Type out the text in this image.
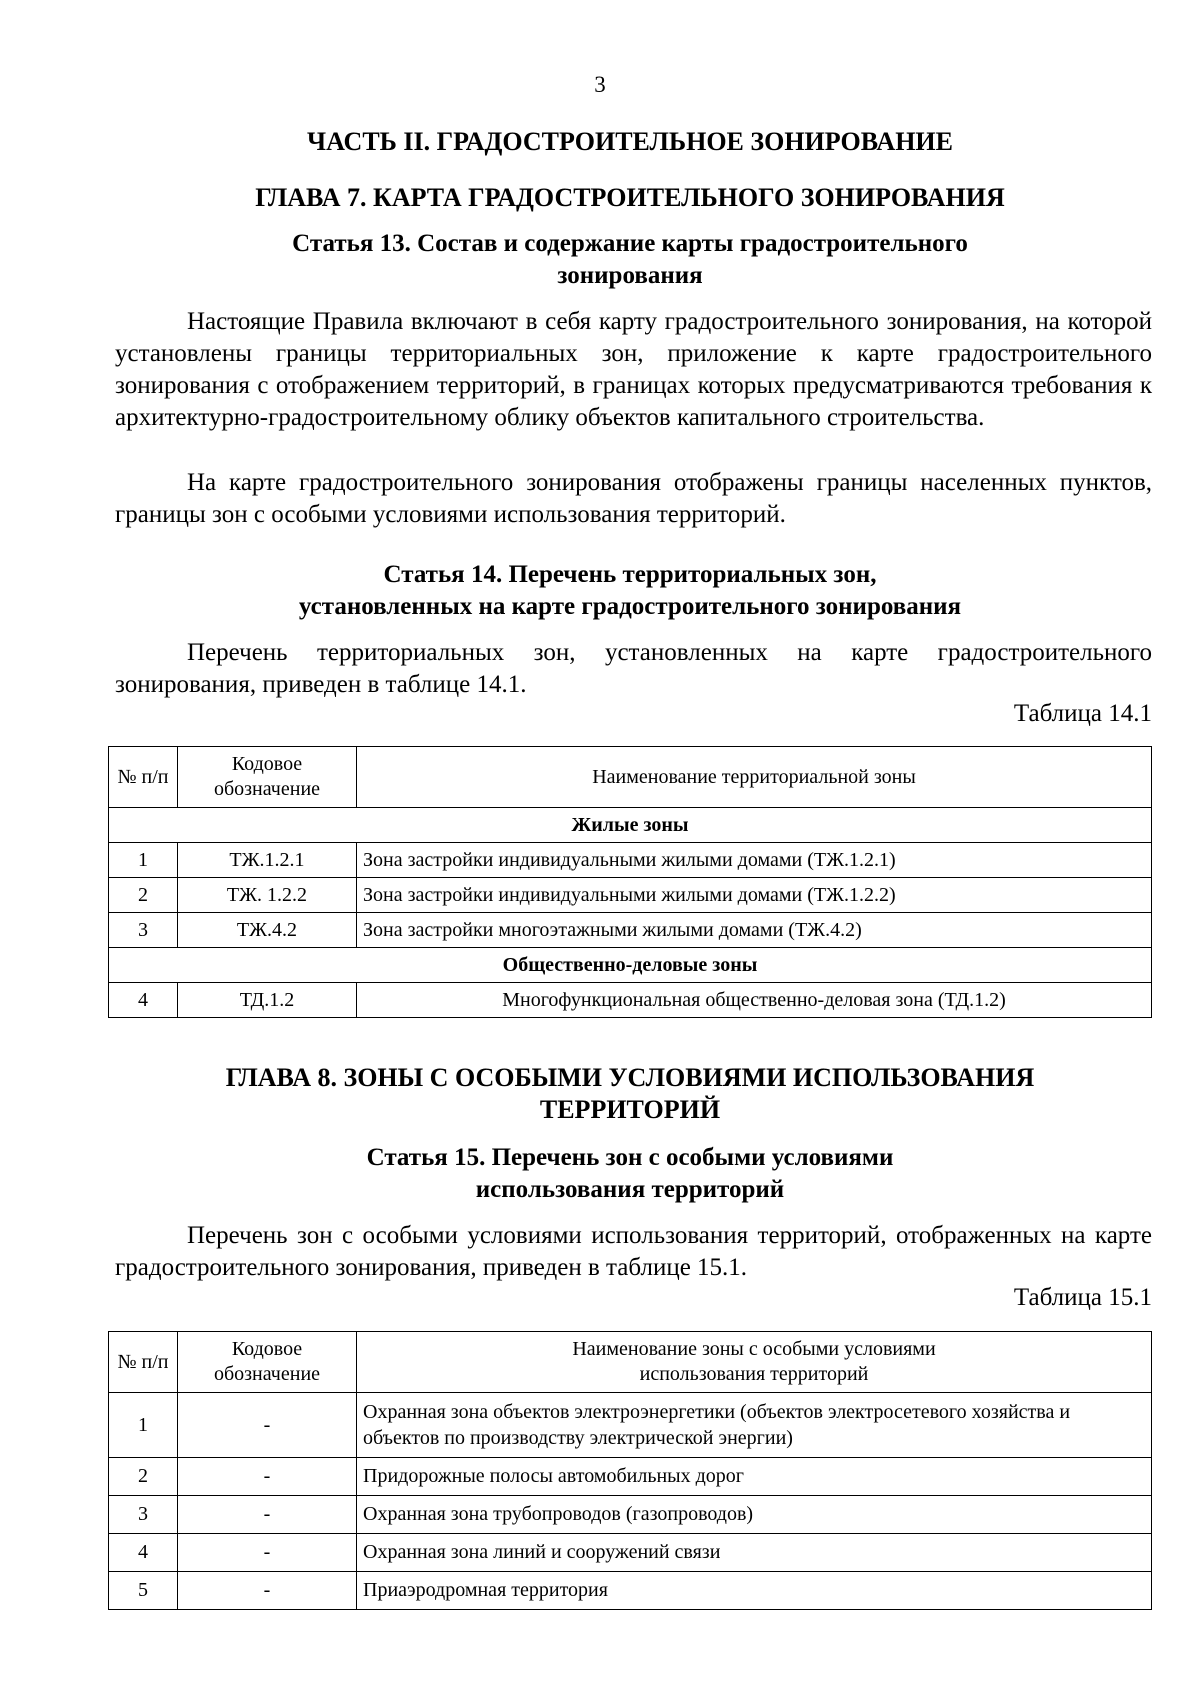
3
ЧАСТЬ II. ГРАДОСТРОИТЕЛЬНОЕ ЗОНИРОВАНИЕ
ГЛАВА 7. КАРТА ГРАДОСТРОИТЕЛЬНОГО ЗОНИРОВАНИЯ
Статья 13. Состав и содержание карты градостроительного
зонирования

Настоящие Правила включают в себя карту градостроительного зонирования, на которой установлены границы территориальных зон, приложение к карте градостроительного зонирования с отображением территорий, в границах которых предусматриваются требования к архитектурно-градостроительному облику объектов капитального строительства.

На карте градостроительного зонирования отображены границы населенных пунктов, границы зон с особыми условиями использования территорий.

Статья 14. Перечень территориальных зон,
установленных на карте градостроительного зонирования

Перечень территориальных зон, установленных на карте градостроительного зонирования, приведен в таблице 14.1.

Таблица 14.1
№ п/п	Кодовое обозначение	Наименование территориальной зоны
Жилые зоны		
1	ТЖ.1.2.1	Зона застройки индивидуальными жилыми домами (ТЖ.1.2.1)
2	ТЖ. 1.2.2	Зона застройки индивидуальными жилыми домами (ТЖ.1.2.2)
3	ТЖ.4.2	Зона застройки многоэтажными жилыми домами (ТЖ.4.2)
Общественно-деловые зоны		
4	ТД.1.2	Многофункциональная общественно-деловая зона (ТД.1.2)
ГЛАВА 8. ЗОНЫ С ОСОБЫМИ УСЛОВИЯМИ ИСПОЛЬЗОВАНИЯ
ТЕРРИТОРИЙ
Статья 15. Перечень зон с особыми условиями
использования территорий

Перечень зон с особыми условиями использования территорий, отображенных на карте градостроительного зонирования, приведен в таблице 15.1.

Таблица 15.1
№ п/п	Кодовое обозначение	Наименование зоны с особыми условиями
использования территорий

1	-	Охранная зона объектов электроэнергетики (объектов электросетевого хозяйства и объектов по производству электрической энергии)
2	-	Придорожные полосы автомобильных дорог
3	-	Охранная зона трубопроводов (газопроводов)
4	-	Охранная зона линий и сооружений связи
5	-	Приаэродромная территория
